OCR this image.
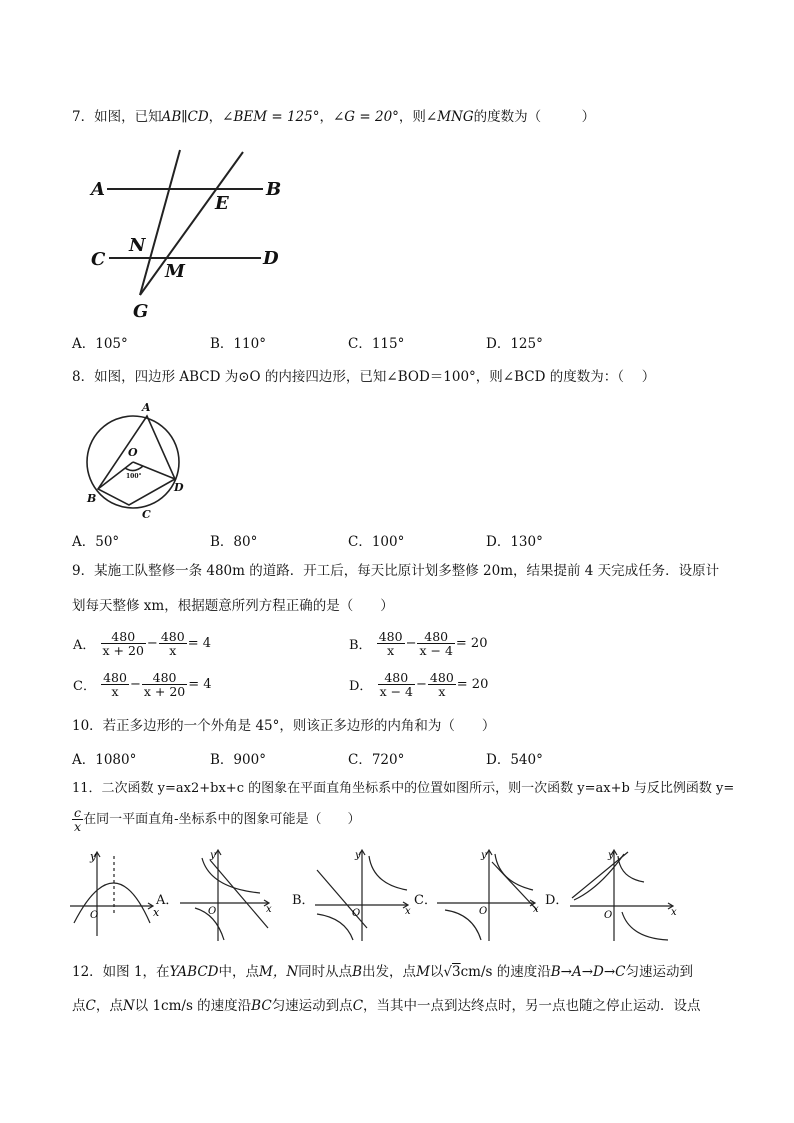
7．如图，已知AB∥CD，∠BEM = 125°，∠G = 20°，则∠MNG的度数为（　　　）
A	B
E
N
C	D
M
G
A．105°	B．110°	C．115°	D．125°
8．如图，四边形 ABCD 为⊙O 的内接四边形，已知∠BOD＝100°，则∠BCD 的度数为：（　 ）
A
O
B
C
D
100°
A．50°	B．80°	C．100°	D．130°
9．某施工队整修一条 480m 的道路．开工后，每天比原计划多整修 20m，结果提前 4 天完成任务．设原计
划每天整修 xm，根据题意所列方程正确的是（　　）
A． $\frac{480}{x + 20} - \frac{480}{x} = 4$	B． $\frac{480}{x} - \frac{480}{x - 4} = 20$
C． $\frac{480}{x} - \frac{480}{x + 20} = 4$	D． $\frac{480}{x - 4} - \frac{480}{x} = 20$
10．若正多边形的一个外角是 45°，则该正多边形的内角和为（　　）
A．1080°	B．900°	C．720°	D．540°
11．二次函数 y=ax2+bx+c 的图象在平面直角坐标系中的位置如图所示，则一次函数 y=ax+b 与反比例函数 y=
$\frac{c}{x}$ 在同一平面直角‑坐标系中的图象可能是（　　）
y
x
O
A．
y
x
O
B．
y
x
O
C．
y
x
O
D．
y
x
O
12．如图 1，在YABCD中，点M，N同时从点B出发，点M以√3cm/s 的速度沿B→A→D→C匀速运动到
点C，点N以 1cm/s 的速度沿BC匀速运动到点C，当其中一点到达终点时，另一点也随之停止运动．设点
